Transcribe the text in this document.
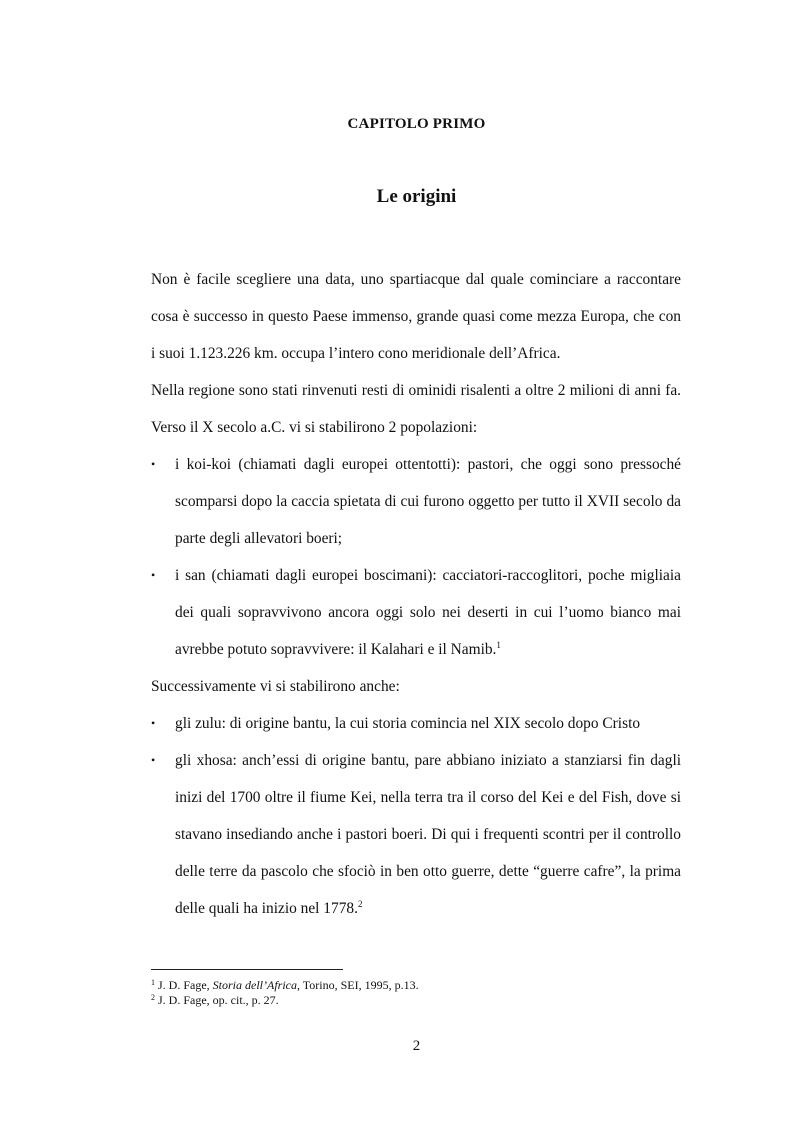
CAPITOLO PRIMO
Le origini

Non è facile scegliere una data, uno spartiacque dal quale cominciare a raccontare cosa è successo in questo Paese immenso, grande quasi come mezza Europa, che con i suoi 1.123.226 km. occupa l’intero cono meridionale dell’Africa.

Nella regione sono stati rinvenuti resti di ominidi risalenti a oltre 2 milioni di anni fa. Verso il X secolo a.C. vi si stabilirono 2 popolazioni:

• i koi-koi (chiamati dagli europei ottentotti): pastori, che oggi sono pressoché scomparsi dopo la caccia spietata di cui furono oggetto per tutto il XVII secolo da parte degli allevatori boeri;
• i san (chiamati dagli europei boscimani): cacciatori-raccoglitori, poche migliaia dei quali sopravvivono ancora oggi solo nei deserti in cui l’uomo bianco mai avrebbe potuto sopravvivere: il Kalahari e il Namib.$^1$

Successivamente vi si stabilirono anche:

• gli zulu: di origine bantu, la cui storia comincia nel XIX secolo dopo Cristo
• gli xhosa: anch’essi di origine bantu, pare abbiano iniziato a stanziarsi fin dagli inizi del 1700 oltre il fiume Kei, nella terra tra il corso del Kei e del Fish, dove si stavano insediando anche i pastori boeri. Di qui i frequenti scontri per il controllo delle terre da pascolo che sfociò in ben otto guerre, dette “guerre cafre”, la prima delle quali ha inizio nel 1778.$^2$
$^1$ J. D. Fage, Storia dell’Africa, Torino, SEI, 1995, p.13.
$^2$ J. D. Fage, op. cit., p. 27.
2
